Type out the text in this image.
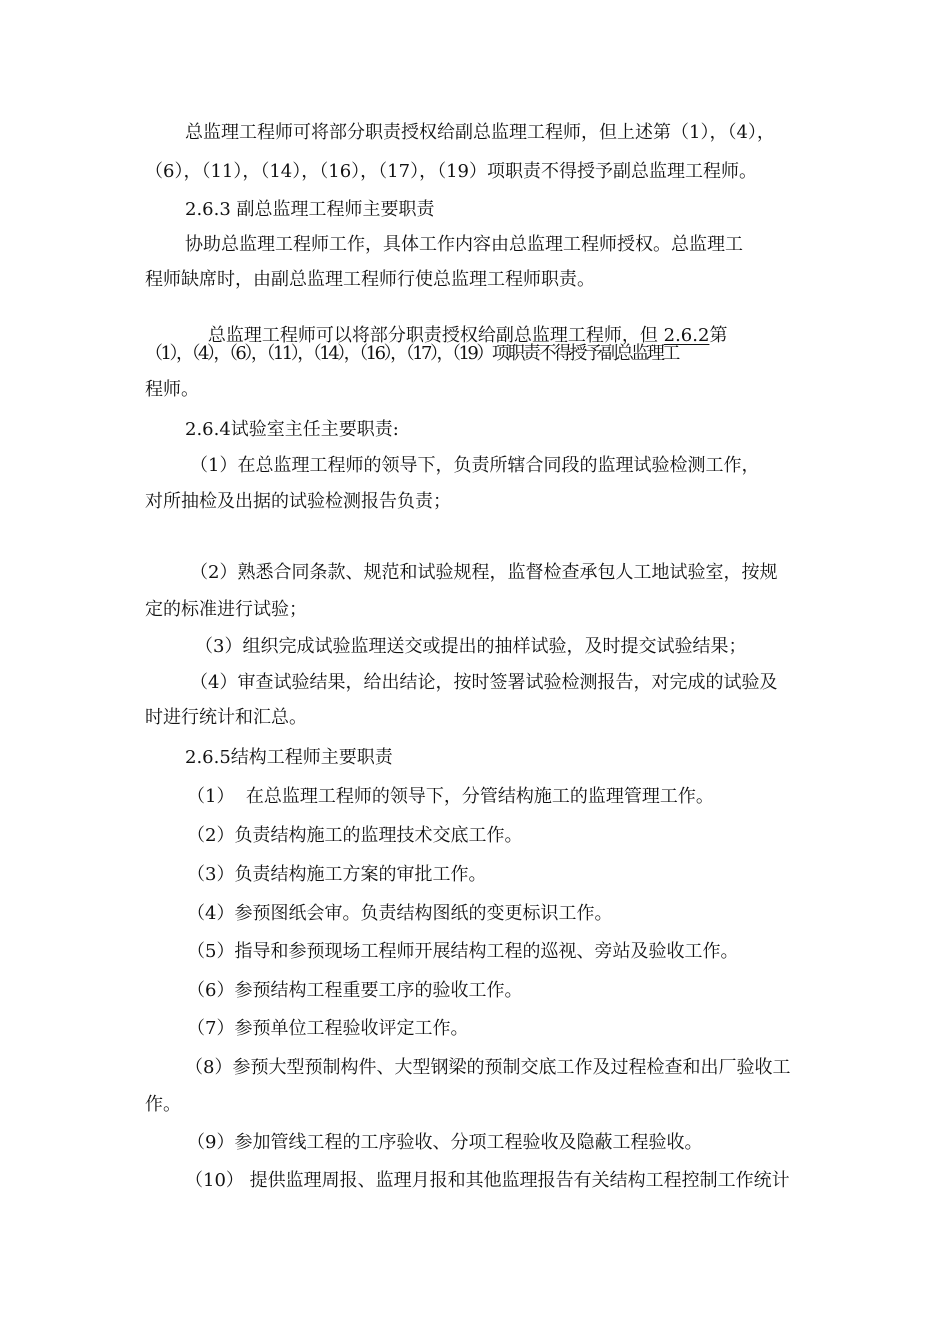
总监理工程师可将部分职责授权给副总监理工程师，但上述第（1），（4），
（6），（11），（14），（16），（17），（19）项职责不得授予副总监理工程师。
2.6.3 副总监理工程师主要职责
协助总监理工程师工作，具体工作内容由总监理工程师授权。总监理工
程师缺席时，由副总监理工程师行使总监理工程师职责。

总监理工程师可以将部分职责授权给副总监理工程师，但 2.6.2第

（1），（4），（6），（11），（14），（16），（17），（19）项职责不得授予副总监理工
程师。
2.6.4试验室主任主要职责:
（1）在总监理工程师的领导下，负责所辖合同段的监理试验检测工作，
对所抽检及出据的试验检测报告负责；
（2）熟悉合同条款、规范和试验规程，监督检查承包人工地试验室，按规
定的标准进行试验；
（3）组织完成试验监理送交或提出的抽样试验，及时提交试验结果；
（4）审查试验结果，给出结论，按时签署试验检测报告，对完成的试验及
时进行统计和汇总。
2.6.5结构工程师主要职责
（1）  在总监理工程师的领导下，分管结构施工的监理管理工作。
（2）负责结构施工的监理技术交底工作。
（3）负责结构施工方案的审批工作。
（4）参预图纸会审。负责结构图纸的变更标识工作。
（5）指导和参预现场工程师开展结构工程的巡视、旁站及验收工作。
（6）参预结构工程重要工序的验收工作。
（7）参预单位工程验收评定工作。
（8）参预大型预制构件、大型钢梁的预制交底工作及过程检查和出厂验收工
作。
（9）参加管线工程的工序验收、分项工程验收及隐蔽工程验收。
（10） 提供监理周报、监理月报和其他监理报告有关结构工程控制工作统计
